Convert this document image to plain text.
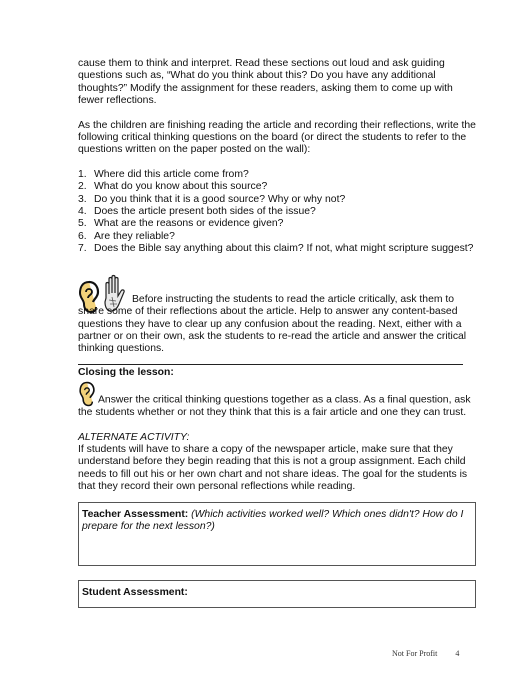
cause them to think and interpret. Read these sections out loud and ask guiding questions such as, “What do you think about this? Do you have any additional thoughts?” Modify the assignment for these readers, asking them to come up with fewer reflections.

As the children are finishing reading the article and recording their reflections, write the following critical thinking questions on the board (or direct the students to refer to the questions written on the paper posted on the wall):

1. Where did this article come from?
2. What do you know about this source?
3. Do you think that it is a good source? Why or why not?
4. Does the article present both sides of the issue?
5. What are the reasons or evidence given?
6. Are they reliable?
7. Does the Bible say anything about this claim? If not, what might scripture suggest?

Before instructing the students to read the article critically, ask them to share some of their reflections about the article. Help to answer any content-based questions they have to clear up any confusion about the reading. Next, either with a partner or on their own, ask the students to re-read the article and answer the critical thinking questions.

Closing the lesson:

Answer the critical thinking questions together as a class. As a final question, ask the students whether or not they think that this is a fair article and one they can trust.

ALTERNATE ACTIVITY:

If students will have to share a copy of the newspaper article, make sure that they understand before they begin reading that this is not a group assignment. Each child needs to fill out his or her own chart and not share ideas. The goal for the students is that they record their own personal reflections while reading.

Teacher Assessment: (Which activities worked well? Which ones didn't? How do I prepare for the next lesson?)
Student Assessment:
Not For Profit 4
